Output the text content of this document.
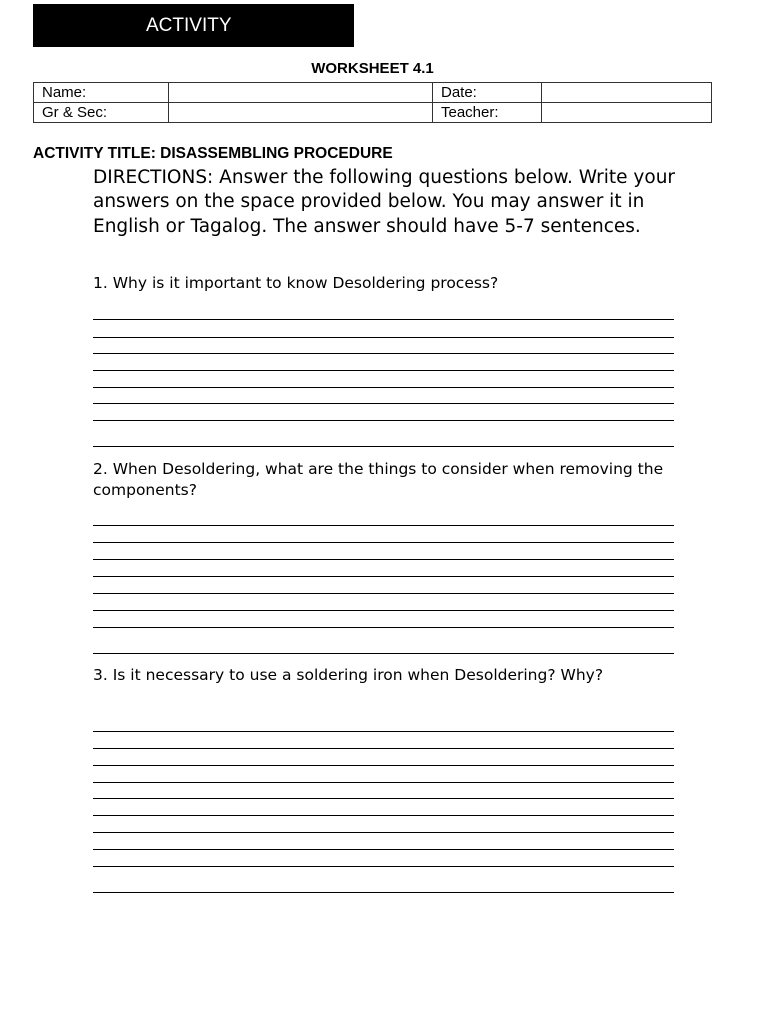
ACTIVITY
WORKSHEET 4.1
Name:		Date:	
Gr & Sec:		Teacher:	
ACTIVITY TITLE: DISASSEMBLING PROCEDURE
DIRECTIONS: Answer the following questions below. Write your answers on the space provided below. You may answer it in English or Tagalog. The answer should have 5-7 sentences.
1. Why is it important to know Desoldering process?
2. When Desoldering, what are the things to consider when removing the components?
3. Is it necessary to use a soldering iron when Desoldering? Why?
